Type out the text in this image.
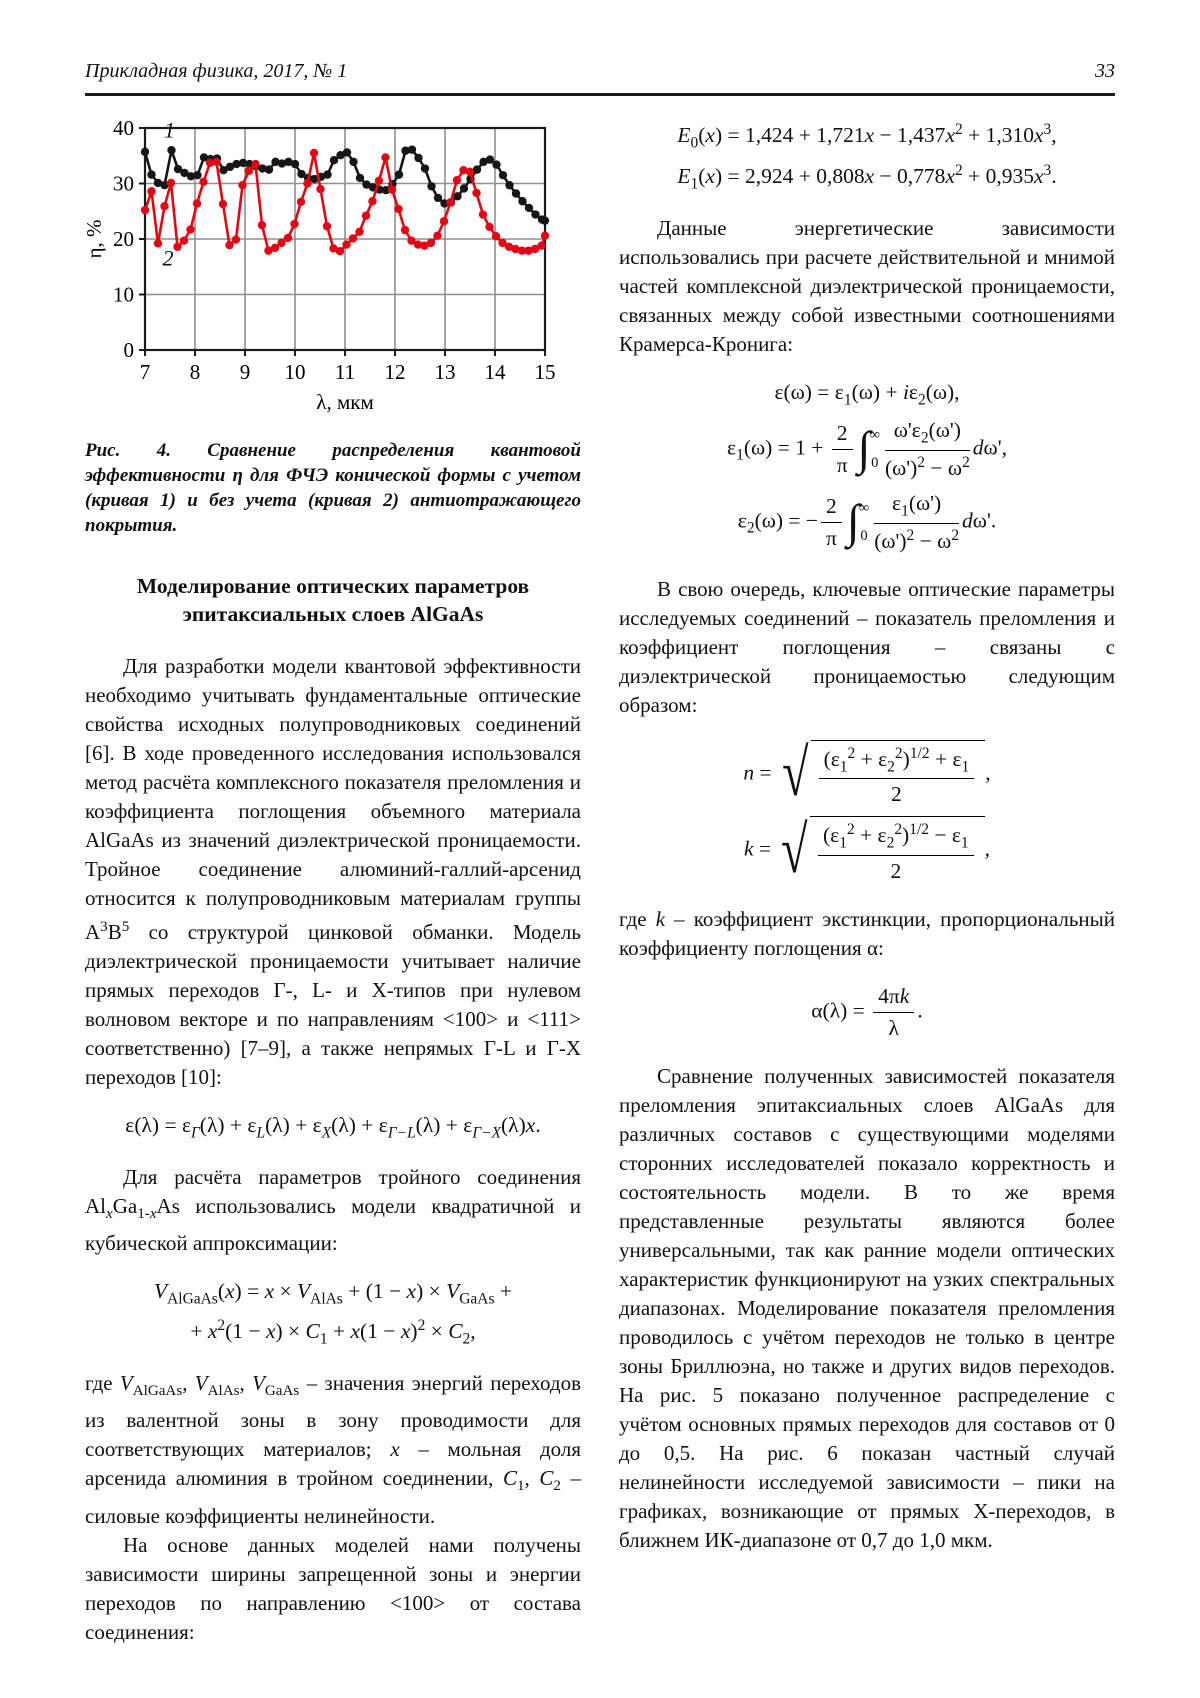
Прикладная физика, 2017, № 1	33
7 8 9 10 11 12 13 14 15
0
10
20
30
40
λ, мкм
η, %
1
2
Рис. 4. Сравнение распределения квантовой эффективности η для ФЧЭ конической формы с учетом (кривая 1) и без учета (кривая 2) антиотражающего покрытия.
Моделирование оптических параметров
эпитаксиальных слоев AlGaAs

Для разработки модели квантовой эффективности необходимо учитывать фундаментальные оптические свойства исходных полупроводниковых соединений [6]. В ходе проведенного исследования использовался метод расчёта комплексного показателя преломления и коэффициента поглощения объемного материала AlGaAs из значений диэлектрической проницаемости. Тройное соединение алюминий-галлий-арсенид относится к полупроводниковым материалам группы $А^3В^5$ со структурой цинковой обманки. Модель диэлектрической проницаемости учитывает наличие прямых переходов Г-, L- и X-типов при нулевом волновом векторе и по направлениям <100> и <111> соответственно) [7–9], а также непрямых Г-L и Г-X переходов [10]:

$\varepsilon(\lambda) = \varepsilon_Г(\lambda) + \varepsilon_L(\lambda) + \varepsilon_X(\lambda) + \varepsilon_{Г-L}(\lambda) + \varepsilon_{Г-X}(\lambda)x$.

Для расчёта параметров тройного соединения $Al_xGa_{1-x}As$ использовались модели квадратичной и кубической аппроксимации:

$V_{AlGaAs}(x) = x \times V_{AlAs} + (1 - x) \times V_{GaAs}$ +
+ $x^2(1 - x) \times C_1 + x(1 - x)^2 \times C_2$,

где $V_{AlGaAs}$, $V_{AlAs}$, $V_{GaAs}$ – значения энергий переходов из валентной зоны в зону проводимости для соответствующих материалов; x – мольная доля арсенида алюминия в тройном соединении, $C_1$, $C_2$ – силовые коэффициенты нелинейности.

На основе данных моделей нами получены зависимости ширины запрещенной зоны и энергии переходов по направлению <100> от состава соединения:

$E_0(x) = 1,424 + 1,721x - 1,437x^2 + 1,310x^3$,
$E_1(x) = 2,924 + 0,808x - 0,778x^2 + 0,935x^3$.

Данные энергетические зависимости использовались при расчете действительной и мнимой частей комплексной диэлектрической проницаемости, связанных между собой известными соотношениями Крамерса-Кронига:

$\varepsilon(\omega) = \varepsilon_1(\omega) + i\varepsilon_2(\omega)$,
$\varepsilon_1(\omega) = 1 + \frac{2}{\pi}$ ∫ ∞
$0 \frac{\omega'\varepsilon_2(\omega')}{(\omega')^2 - \omega^2} d\omega'$,
$\varepsilon_2(\omega)$ = − $\frac{2}{\pi}$ ∫ ∞
$0 \frac{\varepsilon_1(\omega')}{(\omega')^2 - \omega^2} d\omega'$.

В свою очередь, ключевые оптические параметры исследуемых соединений – показатель преломления и коэффициент поглощения – связаны с диэлектрической проницаемостью следующим образом:

n = √ $\frac{(\varepsilon_1^2 + \varepsilon_2^2)^{1/2} + \varepsilon_1}{2}$ ,
k = √ $\frac{(\varepsilon_1^2 + \varepsilon_2^2)^{1/2} - \varepsilon_1}{2}$ ,

где k – коэффициент экстинкции, пропорциональный коэффициенту поглощения α:

$\alpha(\lambda) = \frac{4\pi k}{\lambda}$ .

Сравнение полученных зависимостей показателя преломления эпитаксиальных слоев AlGaAs для различных составов с существующими моделями сторонних исследователей показало корректность и состоятельность модели. В то же время представленные результаты являются более универсальными, так как ранние модели оптических характеристик функционируют на узких спектральных диапазонах. Моделирование показателя преломления проводилось с учётом переходов не только в центре зоны Бриллюэна, но также и других видов переходов. На рис. 5 показано полученное распределение с учётом основных прямых переходов для составов от 0 до 0,5. На рис. 6 показан частный случай нелинейности исследуемой зависимости – пики на графиках, возникающие от прямых X-переходов, в ближнем ИК-диапазоне от 0,7 до 1,0 мкм.
